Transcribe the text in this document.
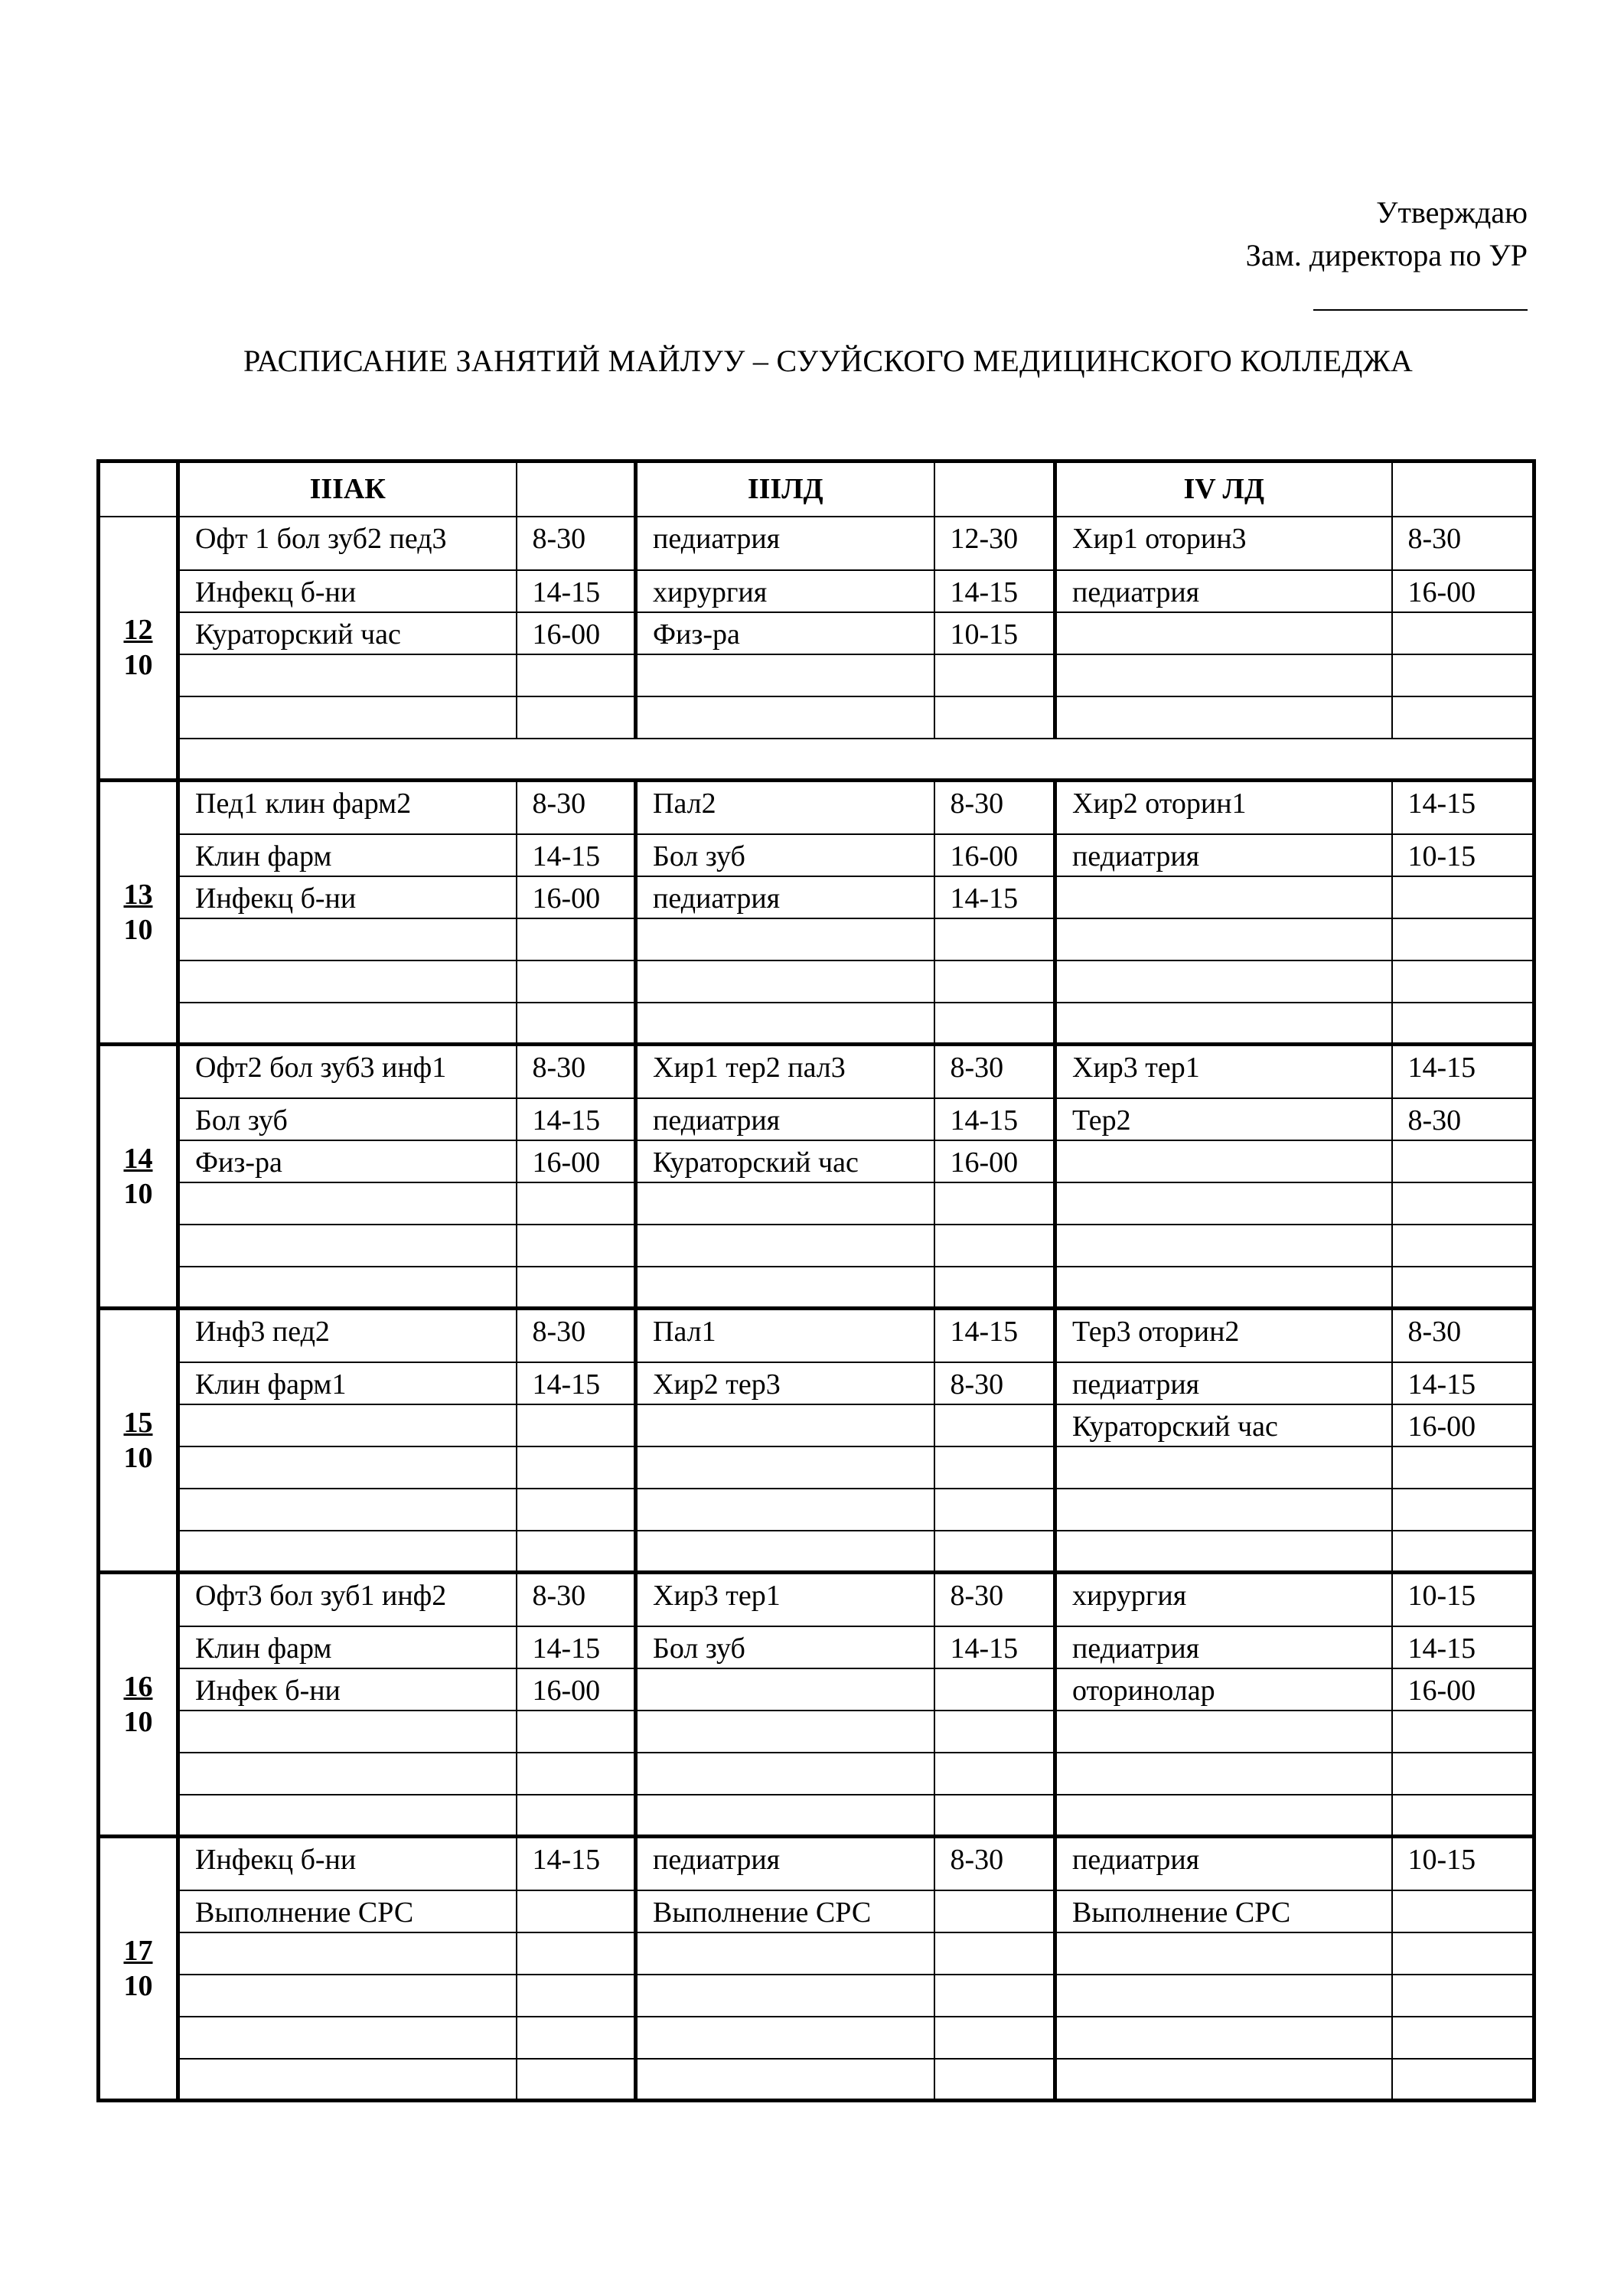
Утверждаю
Зам. директора по УР
РАСПИСАНИЕ ЗАНЯТИЙ МАЙЛУУ – СУУЙСКОГО МЕДИЦИНСКОГО КОЛЛЕДЖА
	IIIАК		IIIЛД		IV ЛД	

12
10	Офт 1 бол зуб2 пед3	8-30	педиатрия	12-30	Хир1 оторин3	8-30
	Инфекц б-ни	14-15	хирургия	14-15	педиатрия	16-00
	Кураторский час	16-00	Физ-ра	10-15		

13
10	Пед1 клин фарм2	8-30	Пал2	8-30	Хир2 оторин1	14-15
	Клин фарм	14-15	Бол зуб	16-00	педиатрия	10-15
	Инфекц б-ни	16-00	педиатрия	14-15		

14
10	Офт2 бол зуб3 инф1	8-30	Хир1 тер2 пал3	8-30	Хир3 тер1	14-15
	Бол зуб	14-15	педиатрия	14-15	Тер2	8-30
	Физ-ра	16-00	Кураторский час	16-00		

15
10	Инф3 пед2	8-30	Пал1	14-15	Тер3 оторин2	8-30
	Клин фарм1	14-15	Хир2 тер3	8-30	педиатрия	14-15
					Кураторский час	16-00

16
10	Офт3 бол зуб1 инф2	8-30	Хир3 тер1	8-30	хирургия	10-15
	Клин фарм	14-15	Бол зуб	14-15	педиатрия	14-15
	Инфек б-ни	16-00			оторинолар	16-00

17
10	Инфекц б-ни	14-15	педиатрия	8-30	педиатрия	10-15
	Выполнение СРС		Выполнение СРС		Выполнение СРС	
